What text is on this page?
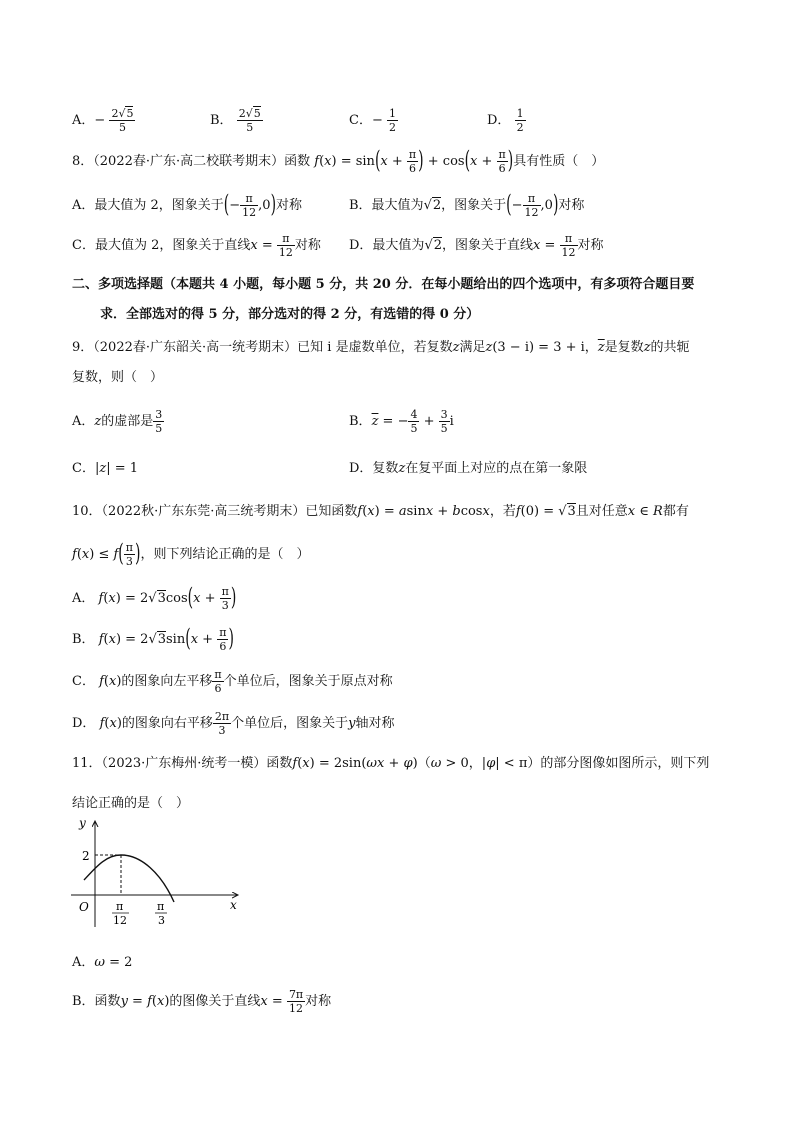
A．− $\frac{2√5}{5}$	B． $\frac{2√5}{5}$	C．− $\frac{1}{2}$	D． $\frac{1}{2}$
8．（2022春·广东·高二校联考期末）函数 $f(x) = \sin(x + \frac{\pi}{6}$ ) + $\cos(x + \frac{\pi}{6}$ )具有性质（　）
A．最大值为 2，图象关于(− $\frac{\pi}{12} ,0$)对称	B．最大值为√2，图象关于(− $\frac{\pi}{12} ,0$)对称
C．最大值为 2，图象关于直线$x = \frac{\pi}{12}$ 对称 D．最大值为√2，图象关于直线$x = \frac{\pi}{12}$ 对称
二、多项选择题（本题共 4 小题，每小题 5 分，共 20 分．在每小题给出的四个选项中，有多项符合题目要
求．全部选对的得 5 分，部分选对的得 2 分，有选错的得 0 分）
9．（2022春·广东韶关·高一统考期末）已知 i 是虚数单位，若复数z满足z(3 − i) = 3 + i，$\overline{z}$是复数z的共轭
复数，则（　）
A．z的虚部是 $\frac{3}{5}$	B．$\overline{z}$ = − $\frac{4}{5} + \frac{3}{5}$ i
C．|z| = 1	D．复数z在复平面上对应的点在第一象限
10．（2022秋·广东东莞·高三统考期末）已知函数f(x) = asinx + bcosx，若f(0) = √3且对任意x ∈ R都有
$f(x) \le f( \frac{\pi}{3}$ )，则下列结论正确的是（　）
A． $f(x) = 2√3\cos(x + \frac{\pi}{3}$ )
B． $f(x) = 2√3\sin(x + \frac{\pi}{6}$ )
C． f(x)的图象向左平移 $\frac{\pi}{6}$ 个单位后，图象关于原点对称
D． f(x)的图象向右平移 $\frac{2\pi}{3}$ 个单位后，图象关于y轴对称
11．（2023·广东梅州·统考一模）函数f(x) = 2sin(ωx + φ)（ω > 0，|φ| < π）的部分图像如图所示，则下列
结论正确的是（　）
y
x
O
2
π
12
π
3
A．ω = 2
B．函数y = f(x)的图像关于直线$x = \frac{7\pi}{12}$ 对称
